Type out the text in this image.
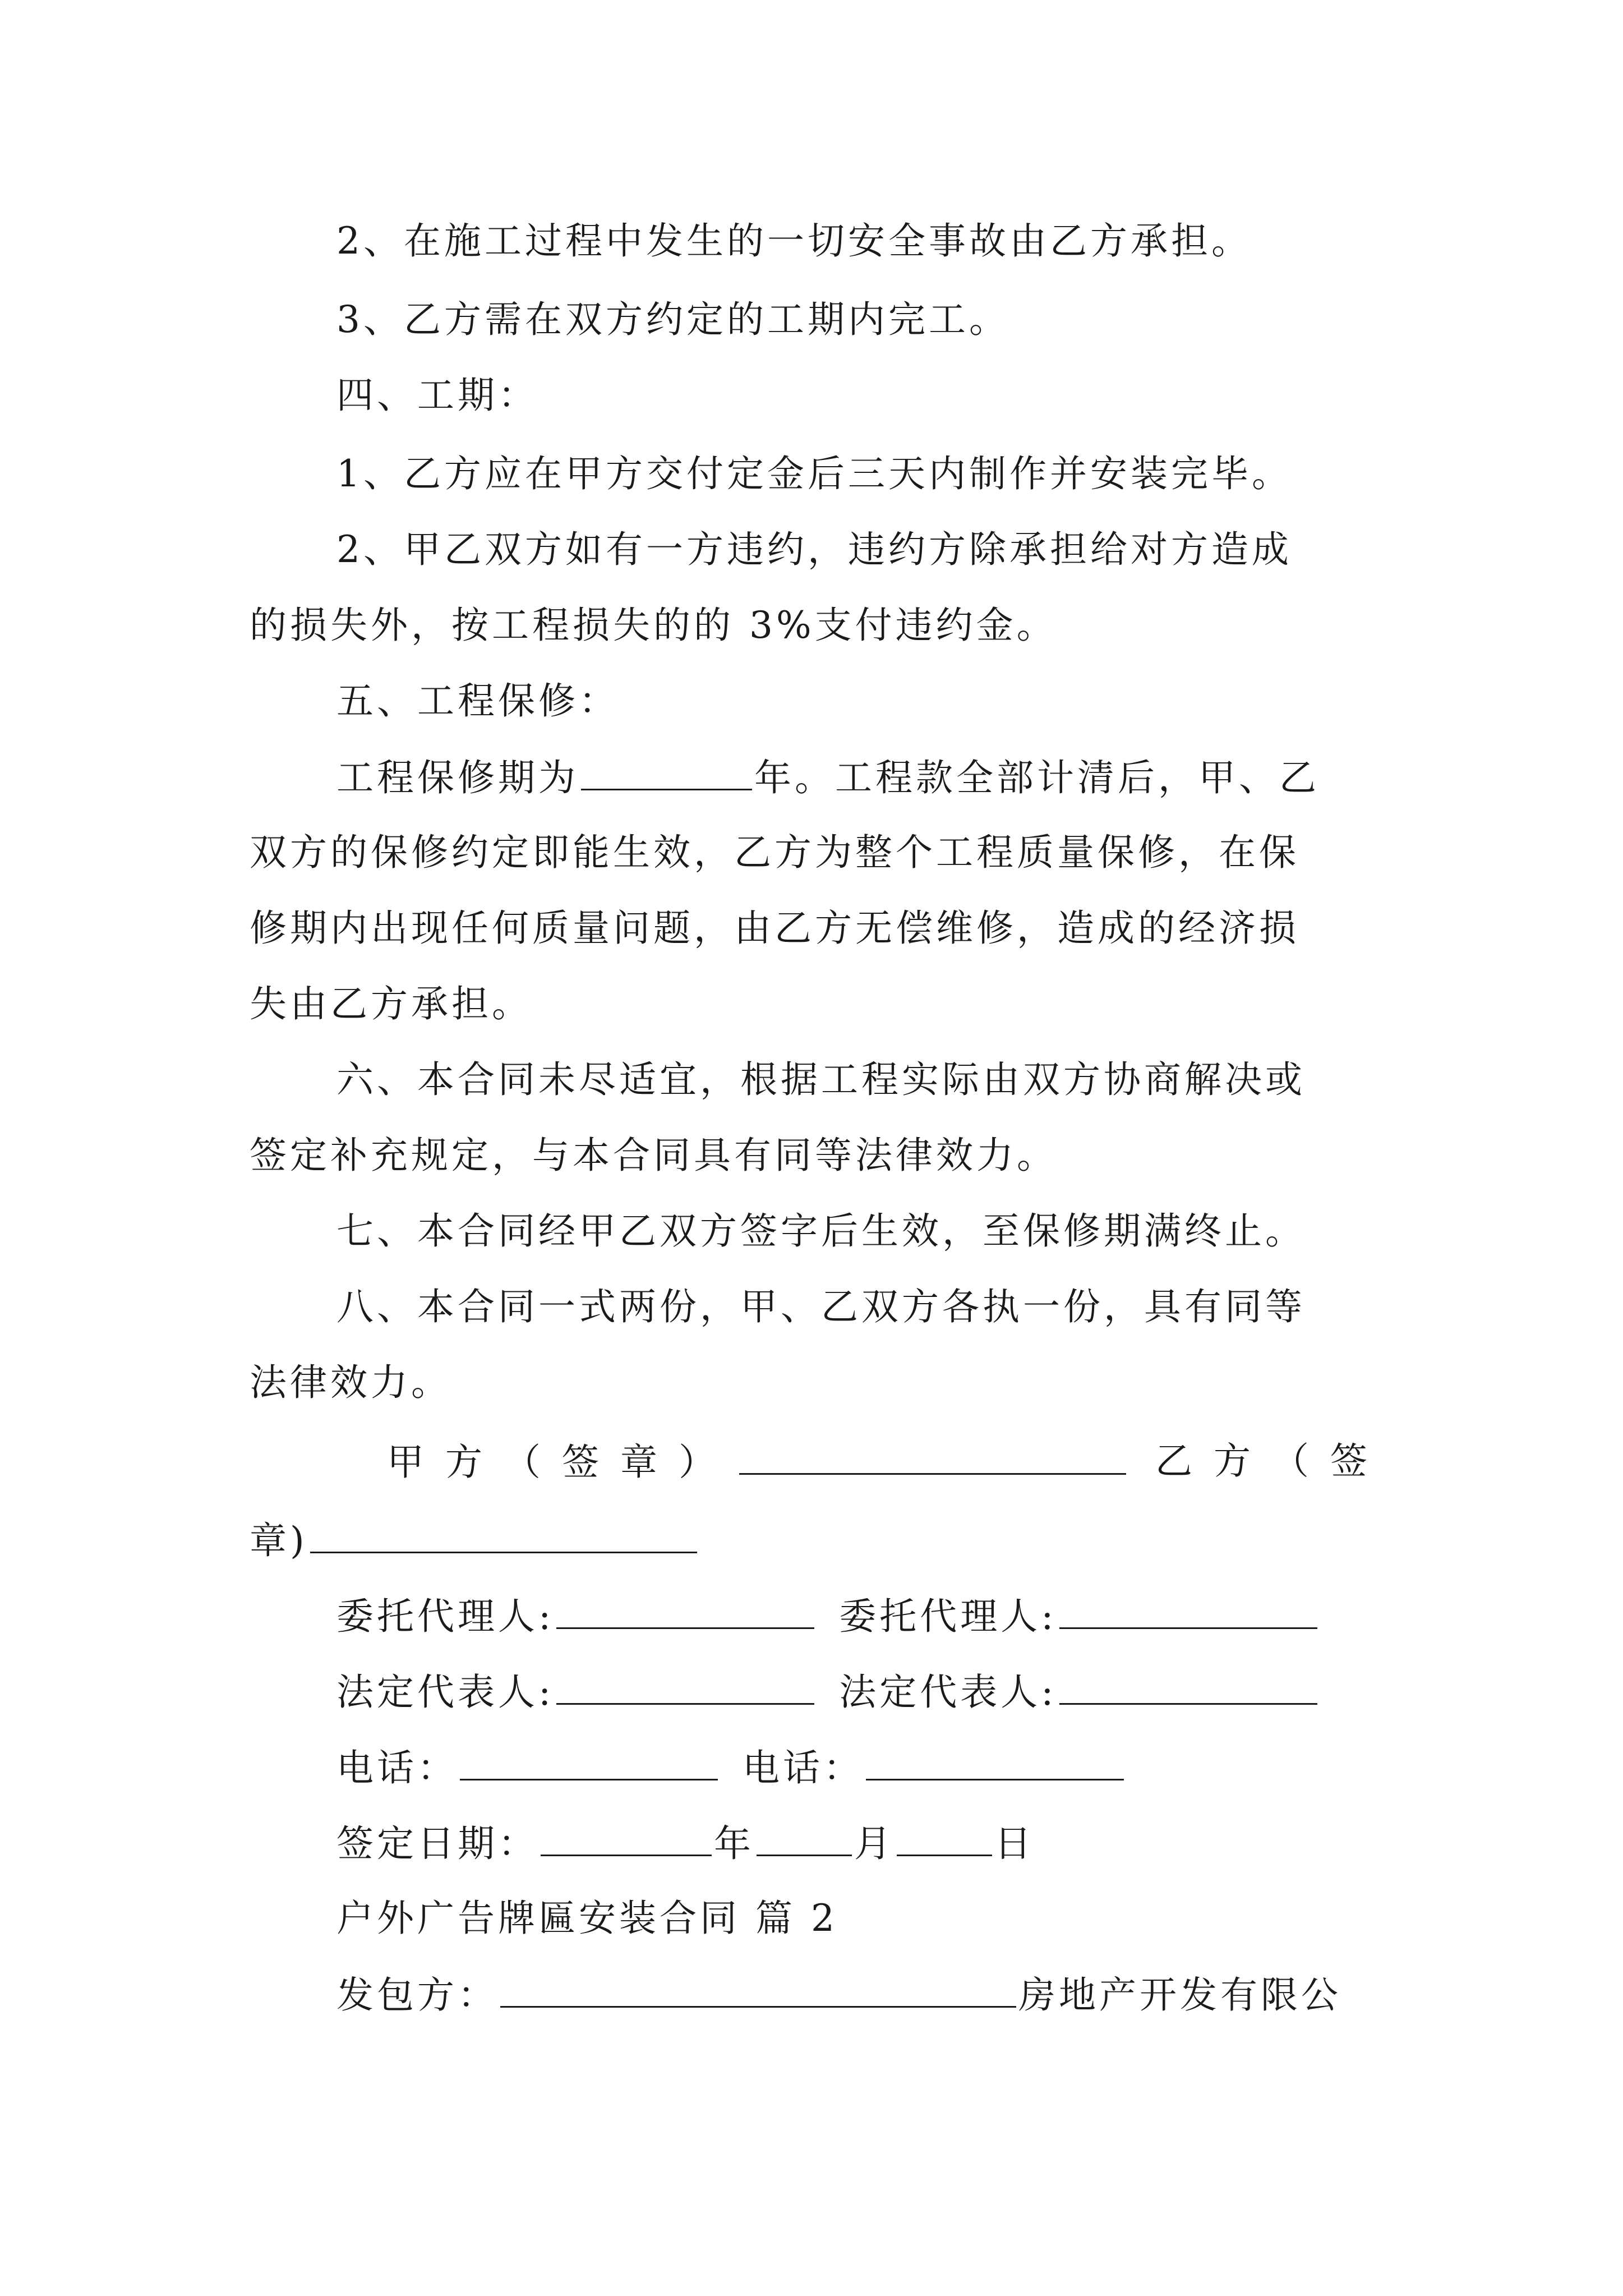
2、在施工过程中发生的一切安全事故由乙方承担。
3、乙方需在双方约定的工期内完工。
四、工期：
1、乙方应在甲方交付定金后三天内制作并安装完毕。
2、甲乙双方如有一方违约，违约方除承担给对方造成
的损失外，按工程损失的的 3%支付违约金。
五、工程保修：
工程保修期为	年。工程款全部计清后，甲、乙
双方的保修约定即能生效，乙方为整个工程质量保修，在保
修期内出现任何质量问题，由乙方无偿维修，造成的经济损
失由乙方承担。
六、本合同未尽适宜，根据工程实际由双方协商解决或
签定补充规定，与本合同具有同等法律效力。
七、本合同经甲乙双方签字后生效，至保修期满终止。
八、本合同一式两份，甲、乙双方各执一份，具有同等
法律效力。
甲方（签章）	乙方（签
章)
委托代理人:	委托代理人:
法定代表人:	法定代表人:
电话：	电话：
签定日期：	年	月	日
户外广告牌匾安装合同 篇 2
发包方：	房地产开发有限公
